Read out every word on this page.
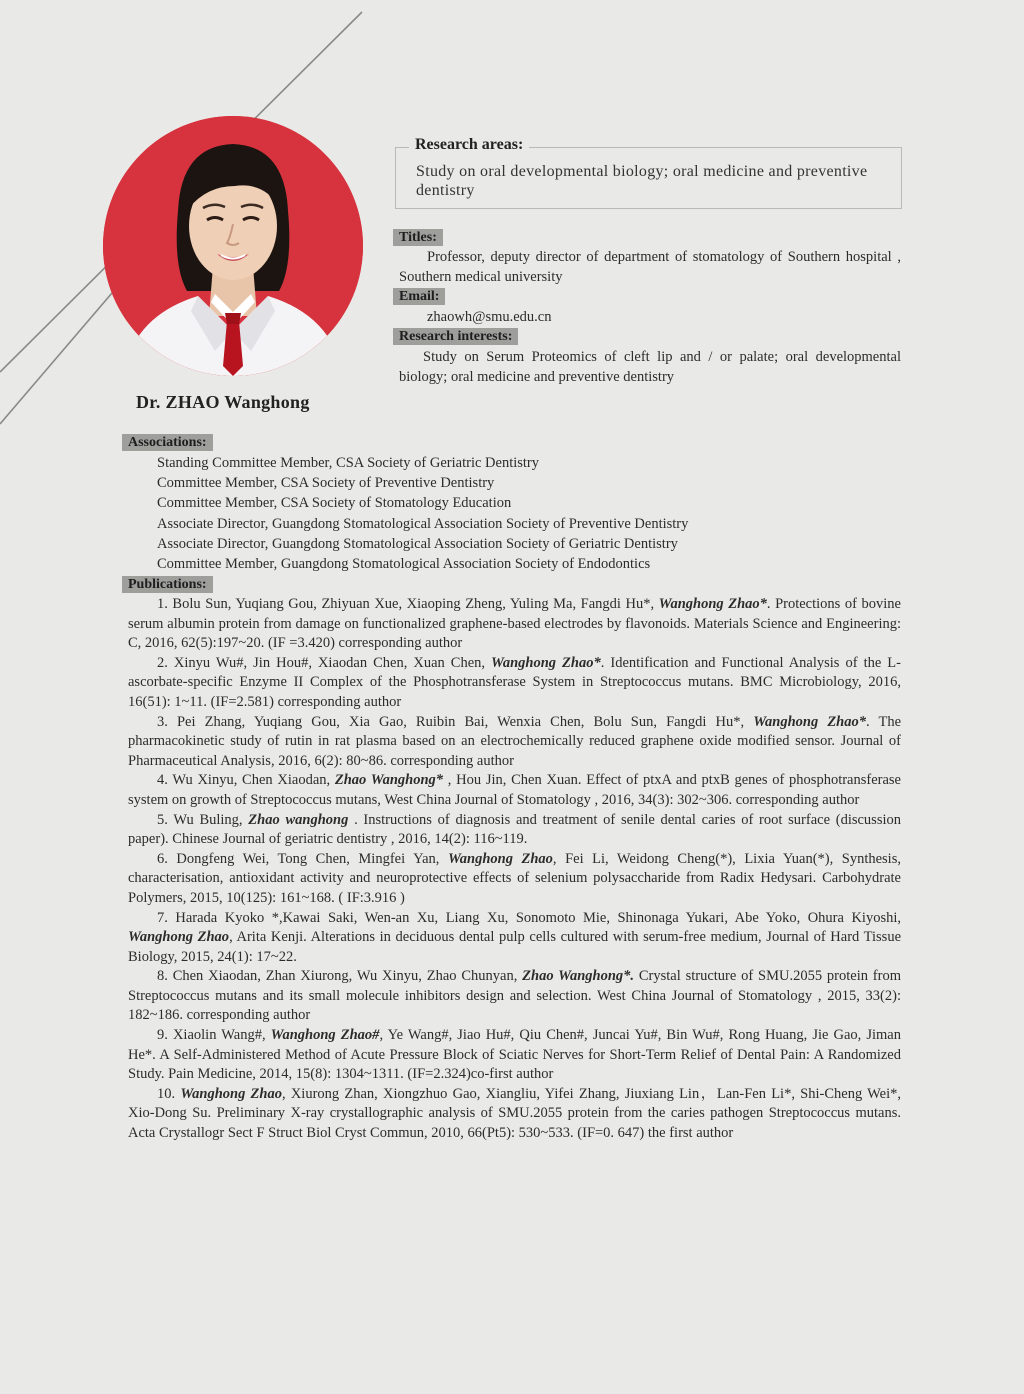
Dr. ZHAO Wanghong
Research areas:
Study on oral developmental biology; oral medicine and preventive dentistry
Titles:
Professor, deputy director of department of stomatology of Southern hospital , Southern medical university
Email:
zhaowh@smu.edu.cn
Research interests:
Study on Serum Proteomics of cleft lip and / or palate; oral developmental biology; oral medicine and preventive dentistry
Associations:
Standing Committee Member, CSA Society of Geriatric Dentistry
Committee Member, CSA Society of Preventive Dentistry
Committee Member, CSA Society of Stomatology Education
Associate Director, Guangdong Stomatological Association Society of Preventive Dentistry
Associate Director, Guangdong Stomatological Association Society of Geriatric Dentistry
Committee Member, Guangdong Stomatological Association Society of Endodontics
Publications:
1. Bolu Sun, Yuqiang Gou, Zhiyuan Xue, Xiaoping Zheng, Yuling Ma, Fangdi Hu*, Wanghong Zhao*. Protections of bovine serum albumin protein from damage on functionalized graphene-based electrodes by flavonoids. Materials Science and Engineering: C, 2016, 62(5):197~20. (IF =3.420) corresponding author
2. Xinyu Wu#, Jin Hou#, Xiaodan Chen, Xuan Chen, Wanghong Zhao*. Identification and Functional Analysis of the L-ascorbate-specific Enzyme II Complex of the Phosphotransferase System in Streptococcus mutans. BMC Microbiology, 2016, 16(51): 1~11. (IF=2.581) corresponding author
3. Pei Zhang, Yuqiang Gou, Xia Gao, Ruibin Bai, Wenxia Chen, Bolu Sun, Fangdi Hu*, Wanghong Zhao*. The pharmacokinetic study of rutin in rat plasma based on an electrochemically reduced graphene oxide modified sensor. Journal of Pharmaceutical Analysis, 2016, 6(2): 80~86. corresponding author
4. Wu Xinyu, Chen Xiaodan, Zhao Wanghong* , Hou Jin, Chen Xuan. Effect of ptxA and ptxB genes of phosphotransferase system on growth of Streptococcus mutans, West China Journal of Stomatology , 2016, 34(3): 302~306. corresponding author
5. Wu Buling, Zhao wanghong . Instructions of diagnosis and treatment of senile dental caries of root surface (discussion paper). Chinese Journal of geriatric dentistry , 2016, 14(2): 116~119.
6. Dongfeng Wei, Tong Chen, Mingfei Yan, Wanghong Zhao, Fei Li, Weidong Cheng(*), Lixia Yuan(*), Synthesis, characterisation, antioxidant activity and neuroprotective effects of selenium polysaccharide from Radix Hedysari. Carbohydrate Polymers, 2015, 10(125): 161~168. ( IF:3.916 )
7. Harada Kyoko *,Kawai Saki, Wen-an Xu, Liang Xu, Sonomoto Mie, Shinonaga Yukari, Abe Yoko, Ohura Kiyoshi, Wanghong Zhao, Arita Kenji. Alterations in deciduous dental pulp cells cultured with serum-free medium, Journal of Hard Tissue Biology, 2015, 24(1): 17~22.
8. Chen Xiaodan, Zhan Xiurong, Wu Xinyu, Zhao Chunyan, Zhao Wanghong*. Crystal structure of SMU.2055 protein from Streptococcus mutans and its small molecule inhibitors design and selection. West China Journal of Stomatology , 2015, 33(2): 182~186. corresponding author
9. Xiaolin Wang#, Wanghong Zhao#, Ye Wang#, Jiao Hu#, Qiu Chen#, Juncai Yu#, Bin Wu#, Rong Huang, Jie Gao, Jiman He*. A Self-Administered Method of Acute Pressure Block of Sciatic Nerves for Short-Term Relief of Dental Pain: A Randomized Study. Pain Medicine, 2014, 15(8): 1304~1311. (IF=2.324)co-first author
10. Wanghong Zhao, Xiurong Zhan, Xiongzhuo Gao, Xiangliu, Yifei Zhang, Jiuxiang Lin，Lan-Fen Li*, Shi-Cheng Wei*, Xio-Dong Su. Preliminary X-ray crystallographic analysis of SMU.2055 protein from the caries pathogen Streptococcus mutans. Acta Crystallogr Sect F Struct Biol Cryst Commun, 2010, 66(Pt5): 530~533. (IF=0. 647) the first author
